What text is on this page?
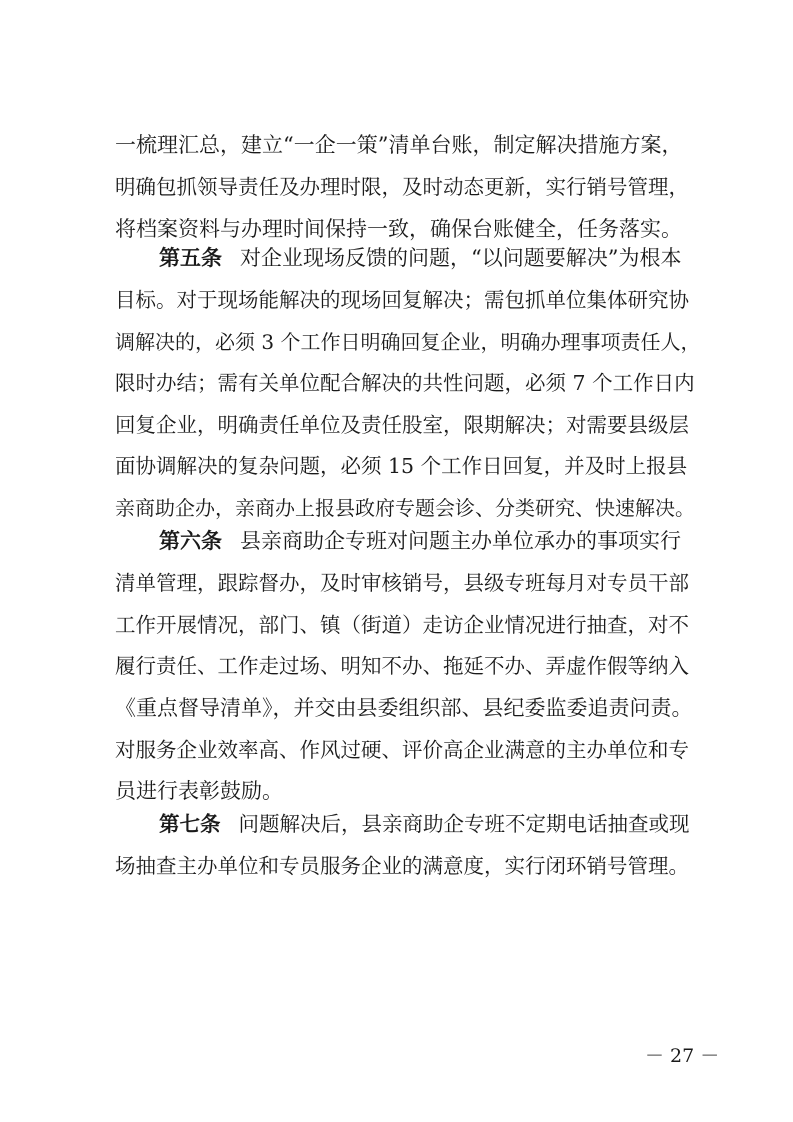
一梳理汇总，建立“一企一策”清单台账，制定解决措施方案，
明确包抓领导责任及办理时限，及时动态更新，实行销号管理，
将档案资料与办理时间保持一致，确保台账健全，任务落实。
第五条 对企业现场反馈的问题，“以问题要解决”为根本
目标。对于现场能解决的现场回复解决；需包抓单位集体研究协
调解决的，必须 3 个工作日明确回复企业，明确办理事项责任人，
限时办结；需有关单位配合解决的共性问题，必须 7 个工作日内
回复企业，明确责任单位及责任股室，限期解决；对需要县级层
面协调解决的复杂问题，必须 15 个工作日回复，并及时上报县
亲商助企办，亲商办上报县政府专题会诊、分类研究、快速解决。
第六条 县亲商助企专班对问题主办单位承办的事项实行
清单管理，跟踪督办，及时审核销号，县级专班每月对专员干部
工作开展情况，部门、镇（街道）走访企业情况进行抽查，对不
履行责任、工作走过场、明知不办、拖延不办、弄虚作假等纳入
《重点督导清单》，并交由县委组织部、县纪委监委追责问责。
对服务企业效率高、作风过硬、评价高企业满意的主办单位和专
员进行表彰鼓励。
第七条 问题解决后，县亲商助企专班不定期电话抽查或现
场抽查主办单位和专员服务企业的满意度，实行闭环销号管理。
－ 27 －
